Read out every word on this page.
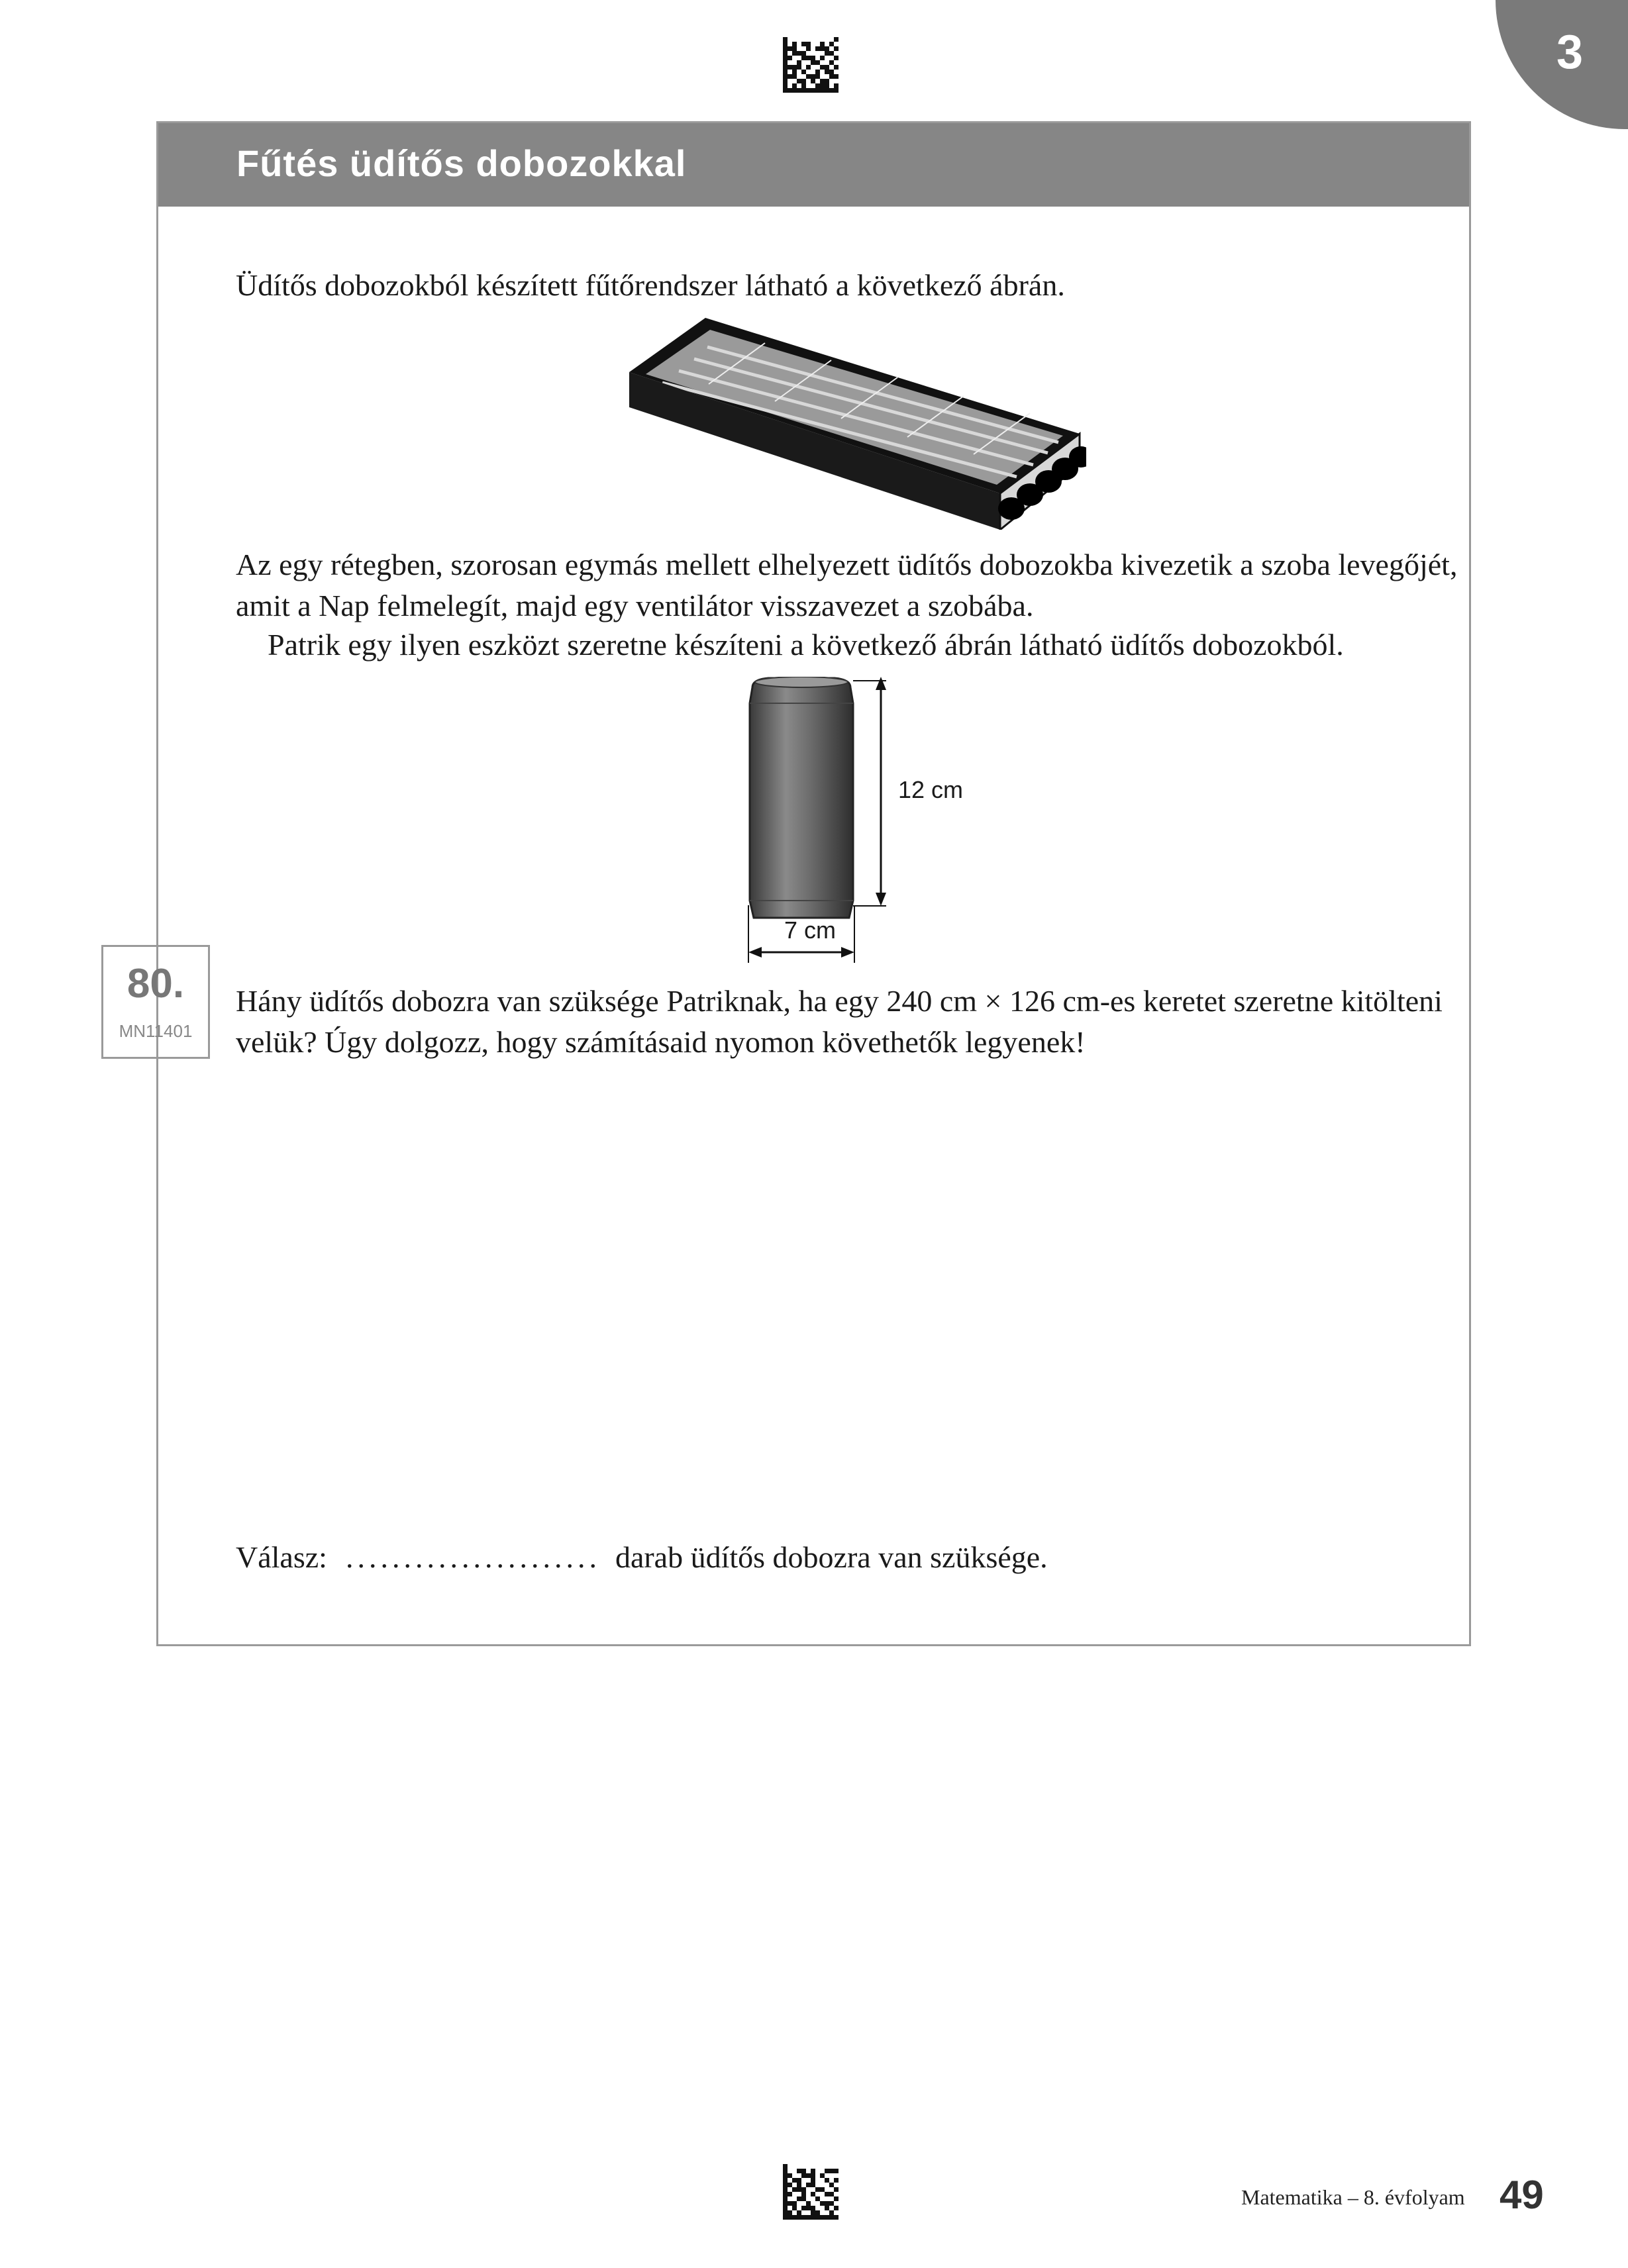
3
Fűtés üdítős dobozokkal

Üdítős dobozokból készített fűtőrendszer látható a következő ábrán.

Az egy rétegben, szorosan egymás mellett elhelyezett üdítős dobozokba kivezetik a szoba levegőjét, amit a Nap felmelegít, majd egy ventilátor visszavezet a szobába.

Patrik egy ilyen eszközt szeretne készíteni a következő ábrán látható üdítős dobozokból.

12 cm
7 cm
80.
MN11401

Hány üdítős dobozra van szüksége Patriknak, ha egy 240 cm × 126 cm-es keretet szeretne kitölteni velük? Úgy dolgozz, hogy számításaid nyomon követhetők legyenek!

Válasz: ...................... darab üdítős dobozra van szüksége.
Matematika – 8. évfolyam 49
